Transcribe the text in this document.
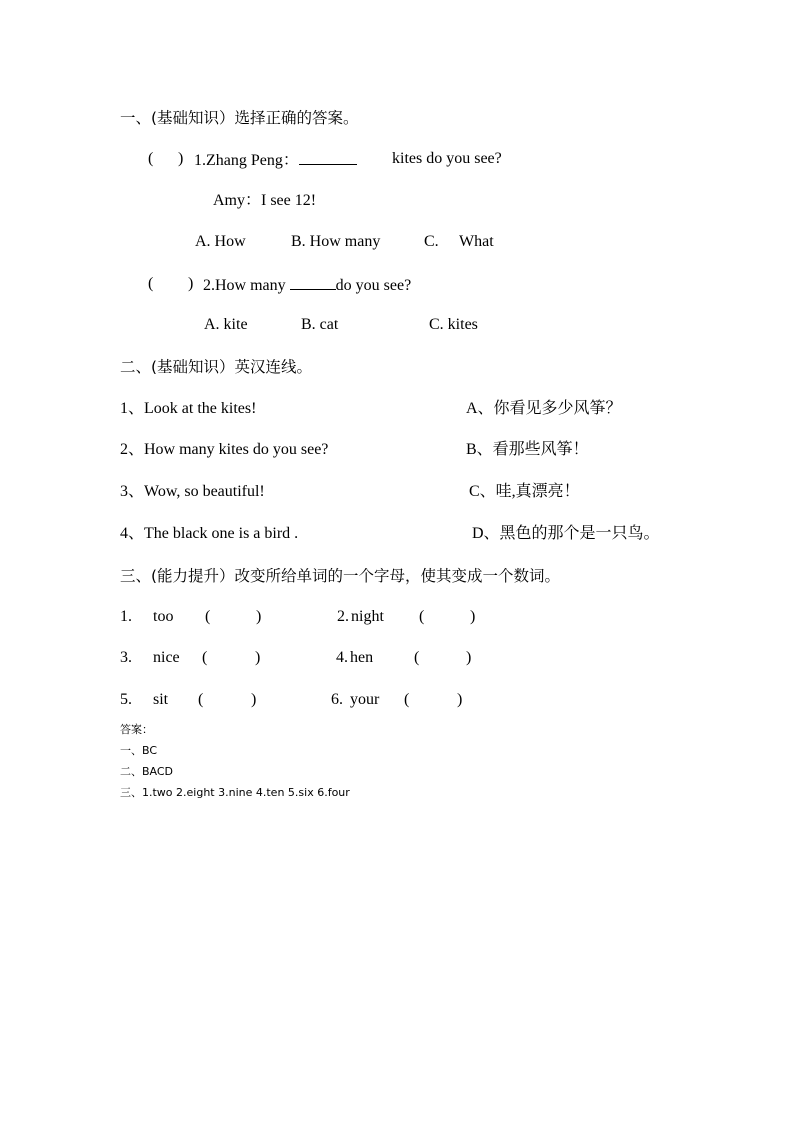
一、(基础知识）选择正确的答案。
( ) 1.Zhang Peng：	kites do you see?
Amy：I see 12!
A. How	B. How many	C. What
( ) 2.How many	do you see?
A. kite	B. cat	C. kites
二、(基础知识）英汉连线。
1、Look at the kites!	A、你看见多少风筝？
2、How many kites do you see?	B、看那些风筝！
3、Wow, so beautiful!	C、哇,真漂亮！
4、The black one is a bird .	D、黑色的那个是一只鸟。
三、(能力提升）改变所给单词的一个字母，使其变成一个数词。
1. too (	)	2. night (	)
3. nice (	)	4. hen	(	)
5. sit (	)	6. your (	)
答案：
一、BC
二、BACD
三、1.two 2.eight 3.nine 4.ten 5.six 6.four
